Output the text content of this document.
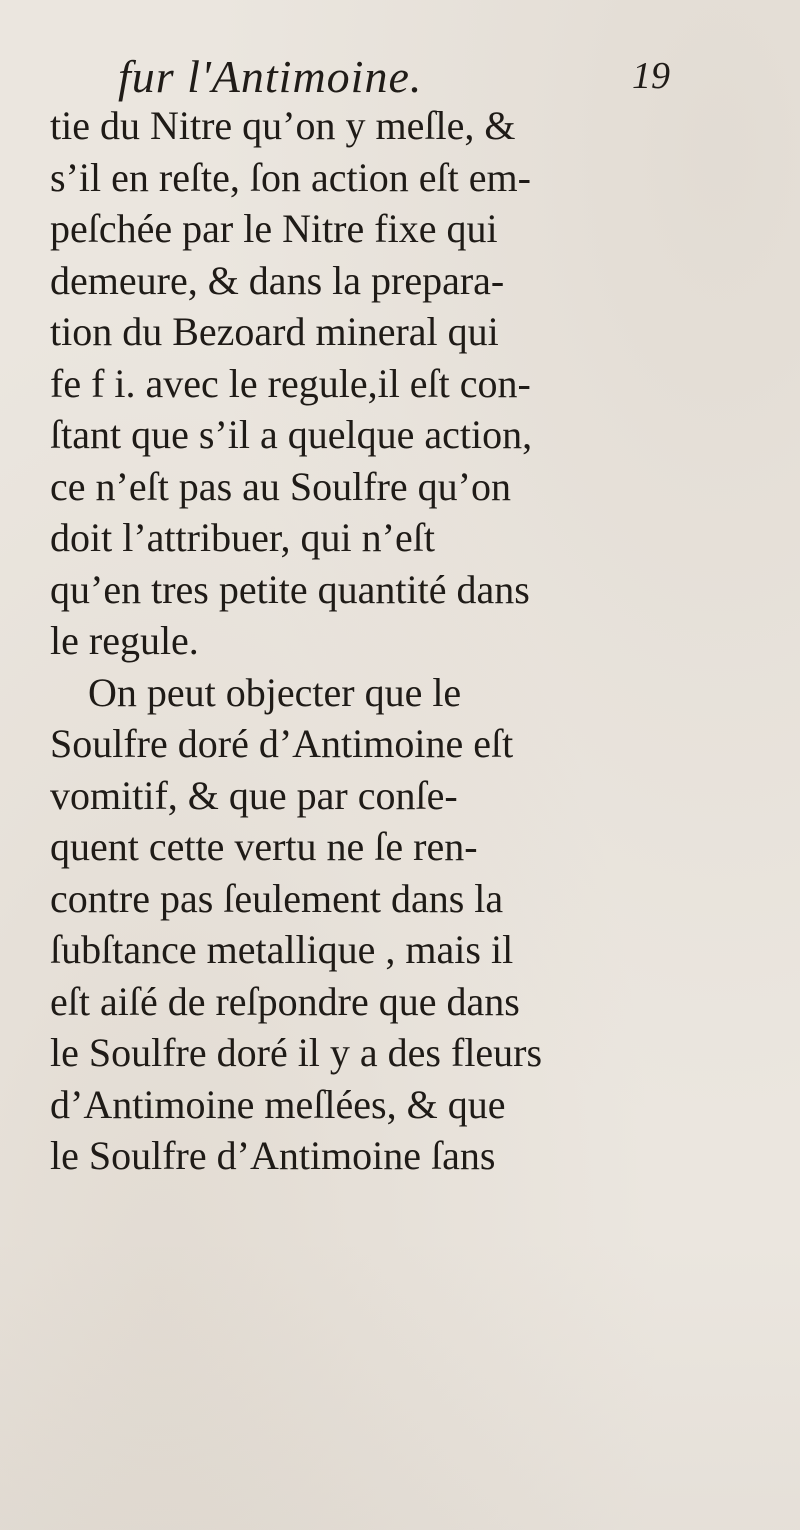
fur l'Antimoine.	19
tie du Nitre qu’on y meſle, &
s’il en reſte, ſon action eſt em-
peſchée par le Nitre fixe qui
demeure, & dans la prepara-
tion du Bezoard mineral qui
fe f i. avec le regule,il eſt con-
ſtant que s’il a quelque action,
ce n’eſt pas au Soulfre qu’on
doit l’attribuer, qui n’eſt
qu’en tres petite quantité dans
le regule.
On peut objecter que le
Soulfre doré d’Antimoine eſt
vomitif, & que par conſe-
quent cette vertu ne ſe ren-
contre pas ſeulement dans la
ſubſtance metallique , mais il
eſt aiſé de reſpondre que dans
le Soulfre doré il y a des fleurs
d’Antimoine meſlées, & que
le Soulfre d’Antimoine ſans
